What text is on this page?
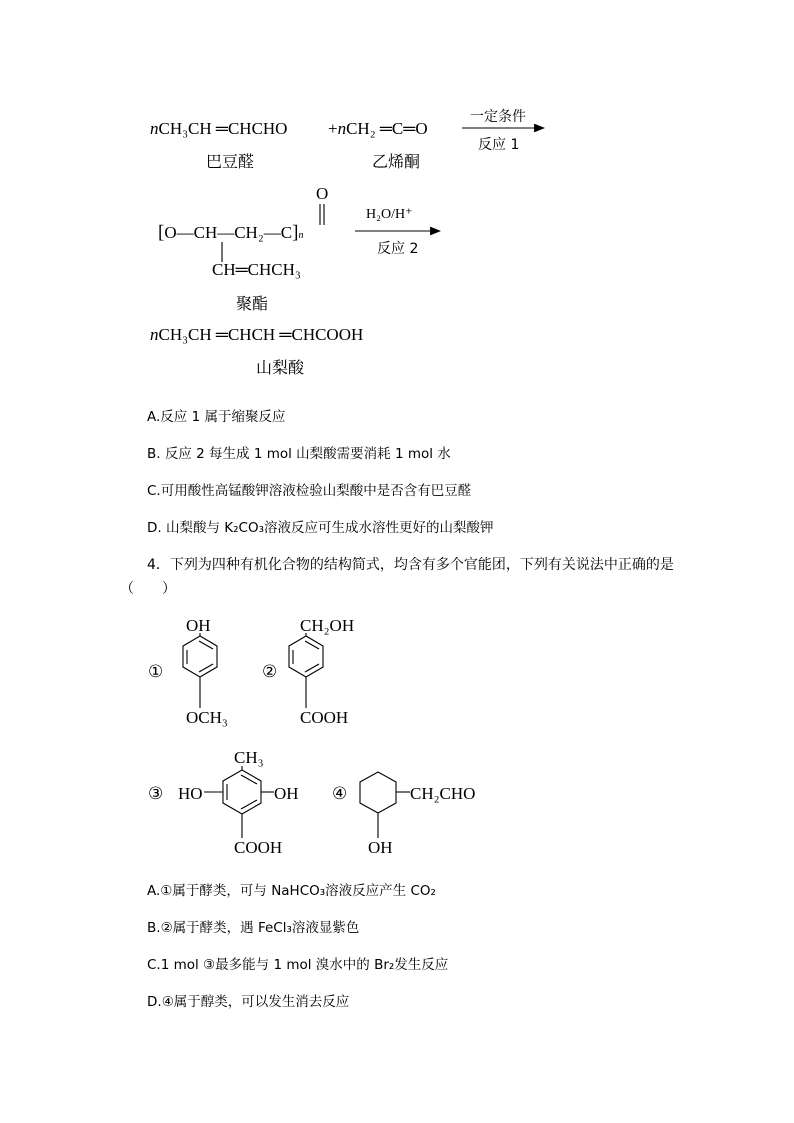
nCH₃CH ═CHCHO +nCH₂ ═C═O
巴豆醛	乙烯酮
一定条件
反应 1
O
[O—CH—CH₂—C]n
CH═CHCH₃
聚酯
H₂O/H⁺
反应 2
nCH₃CH ═CHCH ═CHCOOH
山梨酸
A.反应 1 属于缩聚反应
B. 反应 2 每生成 1 mol 山梨酸需要消耗 1 mol 水
C.可用酸性高锰酸钾溶液检验山梨酸中是否含有巴豆醛
D. 山梨酸与 K₂CO₃溶液反应可生成水溶性更好的山梨酸钾
4．下列为四种有机化合物的结构简式，均含有多个官能团，下列有关说法中正确的是
（　　）
①
OH
OCH₃
②
CH₂OH
COOH
③
CH₃
HO	OH
COOH
④	CH₂CHO
OH
A.①属于酵类，可与 NaHCO₃溶液反应产生 CO₂
B.②属于酵类，遇 FeCl₃溶液显紫色
C.1 mol ③最多能与 1 mol 溴水中的 Br₂发生反应
D.④属于醇类，可以发生消去反应
